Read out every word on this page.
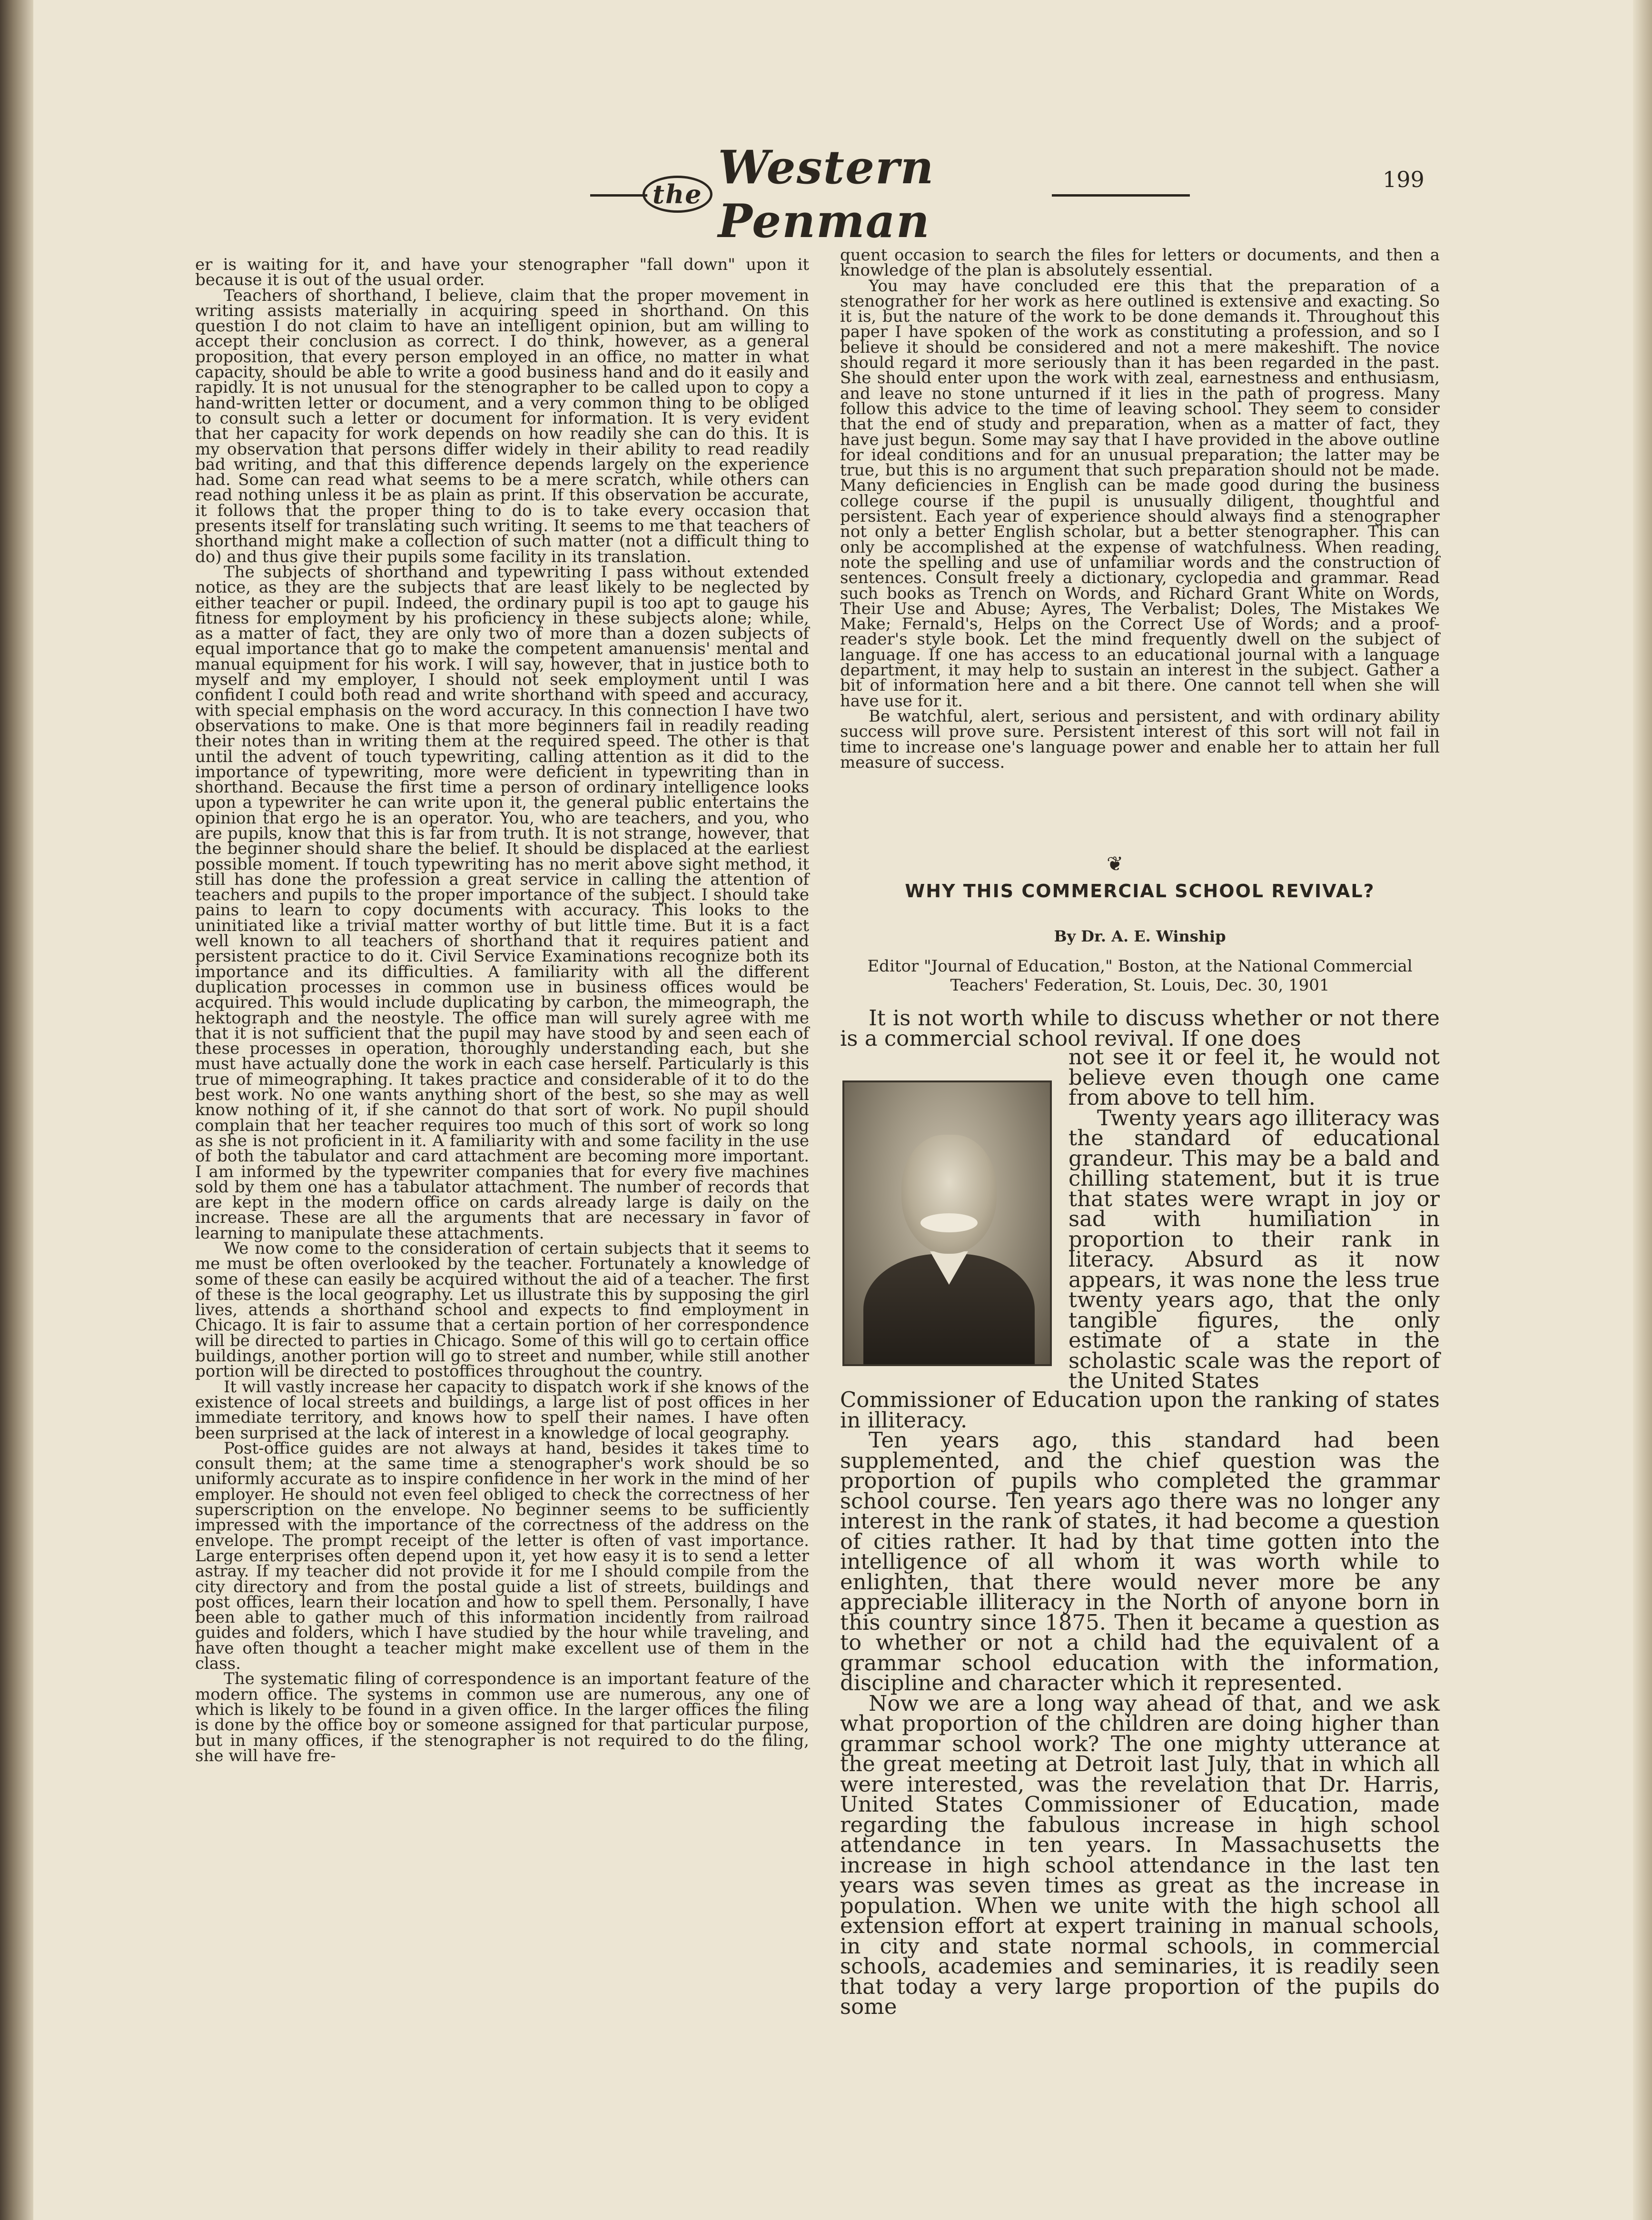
the Western Penman
199

er is waiting for it, and have your stenographer "fall down" upon it because it is out of the usual order.

Teachers of shorthand, I believe, claim that the proper movement in writing assists materially in acquiring speed in shorthand. On this question I do not claim to have an intelligent opinion, but am willing to accept their conclusion as correct. I do think, however, as a general proposition, that every person employed in an office, no matter in what capacity, should be able to write a good business hand and do it easily and rapidly. It is not unusual for the stenographer to be called upon to copy a hand-written letter or document, and a very common thing to be obliged to consult such a letter or document for information. It is very evident that her capacity for work depends on how readily she can do this. It is my observation that persons differ widely in their ability to read readily bad writing, and that this difference depends largely on the experience had. Some can read what seems to be a mere scratch, while others can read nothing unless it be as plain as print. If this observation be accurate, it follows that the proper thing to do is to take every occasion that presents itself for translating such writing. It seems to me that teachers of shorthand might make a collection of such matter (not a difficult thing to do) and thus give their pupils some facility in its translation.

The subjects of shorthand and typewriting I pass without extended notice, as they are the subjects that are least likely to be neglected by either teacher or pupil. Indeed, the ordinary pupil is too apt to gauge his fitness for employment by his proficiency in these subjects alone; while, as a matter of fact, they are only two of more than a dozen subjects of equal importance that go to make the competent amanuensis' mental and manual equipment for his work. I will say, however, that in justice both to myself and my employer, I should not seek employment until I was confident I could both read and write shorthand with speed and accuracy, with special emphasis on the word accuracy. In this connection I have two observations to make. One is that more beginners fail in readily reading their notes than in writing them at the required speed. The other is that until the advent of touch typewriting, calling attention as it did to the importance of typewriting, more were deficient in typewriting than in shorthand. Because the first time a person of ordinary intelligence looks upon a typewriter he can write upon it, the general public entertains the opinion that ergo he is an operator. You, who are teachers, and you, who are pupils, know that this is far from truth. It is not strange, however, that the beginner should share the belief. It should be displaced at the earliest possible moment. If touch typewriting has no merit above sight method, it still has done the profession a great service in calling the attention of teachers and pupils to the proper importance of the subject. I should take pains to learn to copy documents with accuracy. This looks to the uninitiated like a trivial matter worthy of but little time. But it is a fact well known to all teachers of shorthand that it requires patient and persistent practice to do it. Civil Service Examinations recognize both its importance and its difficulties. A familiarity with all the different duplication processes in common use in business offices would be acquired. This would include duplicating by carbon, the mimeograph, the hektograph and the neostyle. The office man will surely agree with me that it is not sufficient that the pupil may have stood by and seen each of these processes in operation, thoroughly understanding each, but she must have actually done the work in each case herself. Particularly is this true of mimeographing. It takes practice and considerable of it to do the best work. No one wants anything short of the best, so she may as well know nothing of it, if she cannot do that sort of work. No pupil should complain that her teacher requires too much of this sort of work so long as she is not proficient in it. A familiarity with and some facility in the use of both the tabulator and card attachment are becoming more important. I am informed by the typewriter companies that for every five machines sold by them one has a tabulator attachment. The number of records that are kept in the modern office on cards already large is daily on the increase. These are all the arguments that are necessary in favor of learning to manipulate these attachments.

We now come to the consideration of certain subjects that it seems to me must be often overlooked by the teacher. Fortunately a knowledge of some of these can easily be acquired without the aid of a teacher. The first of these is the local geography. Let us illustrate this by supposing the girl lives, attends a shorthand school and expects to find employment in Chicago. It is fair to assume that a certain portion of her correspondence will be directed to parties in Chicago. Some of this will go to certain office buildings, another portion will go to street and number, while still another portion will be directed to postoffices throughout the country.

It will vastly increase her capacity to dispatch work if she knows of the existence of local streets and buildings, a large list of post offices in her immediate territory, and knows how to spell their names. I have often been surprised at the lack of interest in a knowledge of local geography.

Post-office guides are not always at hand, besides it takes time to consult them; at the same time a stenographer's work should be so uniformly accurate as to inspire confidence in her work in the mind of her employer. He should not even feel obliged to check the correctness of her superscription on the envelope. No beginner seems to be sufficiently impressed with the importance of the correctness of the address on the envelope. The prompt receipt of the letter is often of vast importance. Large enterprises often depend upon it, yet how easy it is to send a letter astray. If my teacher did not provide it for me I should compile from the city directory and from the postal guide a list of streets, buildings and post offices, learn their location and how to spell them. Personally, I have been able to gather much of this information incidently from railroad guides and folders, which I have studied by the hour while traveling, and have often thought a teacher might make excellent use of them in the class.

The systematic filing of correspondence is an important feature of the modern office. The systems in common use are numerous, any one of which is likely to be found in a given office. In the larger offices the filing is done by the office boy or someone assigned for that particular purpose, but in many offices, if the stenographer is not required to do the filing, she will have fre-

quent occasion to search the files for letters or documents, and then a knowledge of the plan is absolutely essential.

You may have concluded ere this that the preparation of a stenograther for her work as here outlined is extensive and exacting. So it is, but the nature of the work to be done demands it. Throughout this paper I have spoken of the work as constituting a profession, and so I believe it should be considered and not a mere makeshift. The novice should regard it more seriously than it has been regarded in the past. She should enter upon the work with zeal, earnestness and enthusiasm, and leave no stone unturned if it lies in the path of progress. Many follow this advice to the time of leaving school. They seem to consider that the end of study and preparation, when as a matter of fact, they have just begun. Some may say that I have provided in the above outline for ideal conditions and for an unusual preparation; the latter may be true, but this is no argument that such preparation should not be made. Many deficiencies in English can be made good during the business college course if the pupil is unusually diligent, thoughtful and persistent. Each year of experience should always find a stenographer not only a better English scholar, but a better stenographer. This can only be accomplished at the expense of watchfulness. When reading, note the spelling and use of unfamiliar words and the construction of sentences. Consult freely a dictionary, cyclopedia and grammar. Read such books as Trench on Words, and Richard Grant White on Words, Their Use and Abuse; Ayres, The Verbalist; Doles, The Mistakes We Make; Fernald's, Helps on the Correct Use of Words; and a proof-reader's style book. Let the mind frequently dwell on the subject of language. If one has access to an educational journal with a language department, it may help to sustain an interest in the subject. Gather a bit of information here and a bit there. One cannot tell when she will have use for it.

Be watchful, alert, serious and persistent, and with ordinary ability success will prove sure. Persistent interest of this sort will not fail in time to increase one's language power and enable her to attain her full measure of success.

❦
WHY THIS COMMERCIAL SCHOOL REVIVAL?
By Dr. A. E. Winship
Editor "Journal of Education," Boston, at the National Commercial Teachers' Federation, St. Louis, Dec. 30, 1901

It is not worth while to discuss whether or not there is a commercial school revival. If one does

not see it or feel it, he would not believe even though one came from above to tell him.

Twenty years ago illiteracy was the standard of educational grandeur. This may be a bald and chilling statement, but it is true that states were wrapt in joy or sad with humiliation in proportion to their rank in literacy. Absurd as it now appears, it was none the less true twenty years ago, that the only tangible figures, the only estimate of a state in the scholastic scale was the report of the United States

Commissioner of Education upon the ranking of states in illiteracy.

Ten years ago, this standard had been supplemented, and the chief question was the proportion of pupils who completed the grammar school course. Ten years ago there was no longer any interest in the rank of states, it had become a question of cities rather. It had by that time gotten into the intelligence of all whom it was worth while to enlighten, that there would never more be any appreciable illiteracy in the North of anyone born in this country since 1875. Then it became a question as to whether or not a child had the equivalent of a grammar school education with the information, discipline and character which it represented.

Now we are a long way ahead of that, and we ask what proportion of the children are doing higher than grammar school work? The one mighty utterance at the great meeting at Detroit last July, that in which all were interested, was the revelation that Dr. Harris, United States Commissioner of Education, made regarding the fabulous increase in high school attendance in ten years. In Massachusetts the increase in high school attendance in the last ten years was seven times as great as the increase in population. When we unite with the high school all extension effort at expert training in manual schools, in city and state normal schools, in commercial schools, academies and seminaries, it is readily seen that today a very large proportion of the pupils do some
